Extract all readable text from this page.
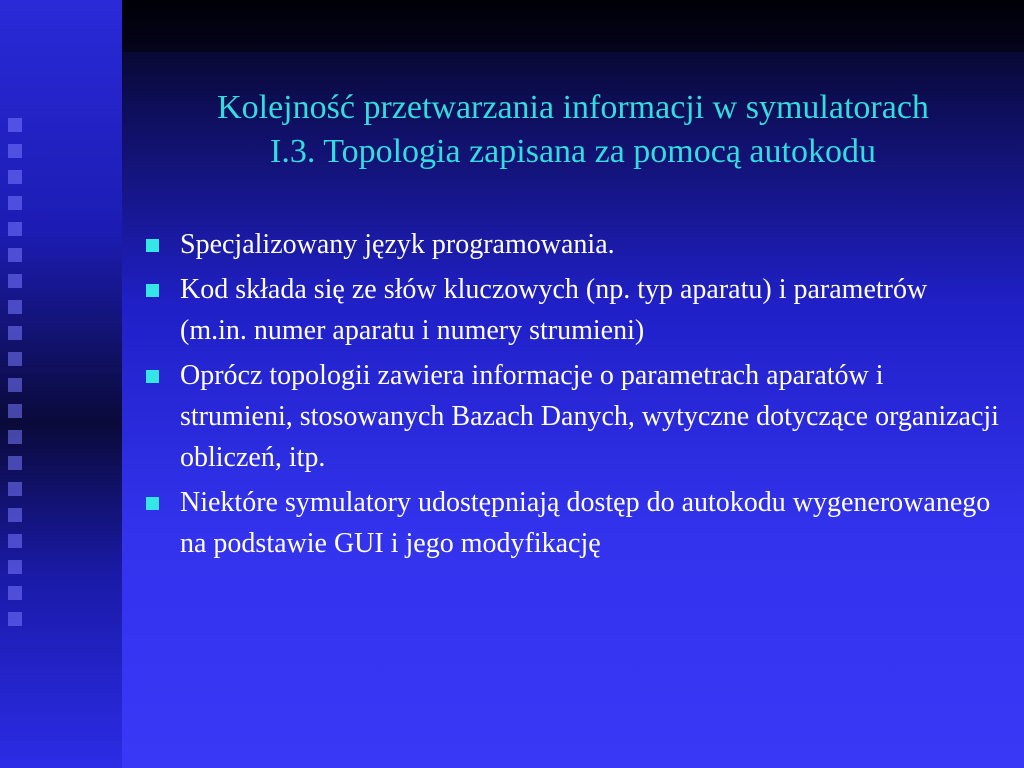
Kolejność przetwarzania informacji w symulatorach
I.3. Topologia zapisana za pomocą autokodu
Specjalizowany język programowania.
Kod składa się ze słów kluczowych (np. typ aparatu) i parametrów (m.in. numer aparatu i numery strumieni)
Oprócz topologii zawiera informacje o parametrach aparatów i strumieni, stosowanych Bazach Danych, wytyczne dotyczące organizacji obliczeń, itp.
Niektóre symulatory udostępniają dostęp do autokodu wygenerowanego na podstawie GUI i jego modyfikację
